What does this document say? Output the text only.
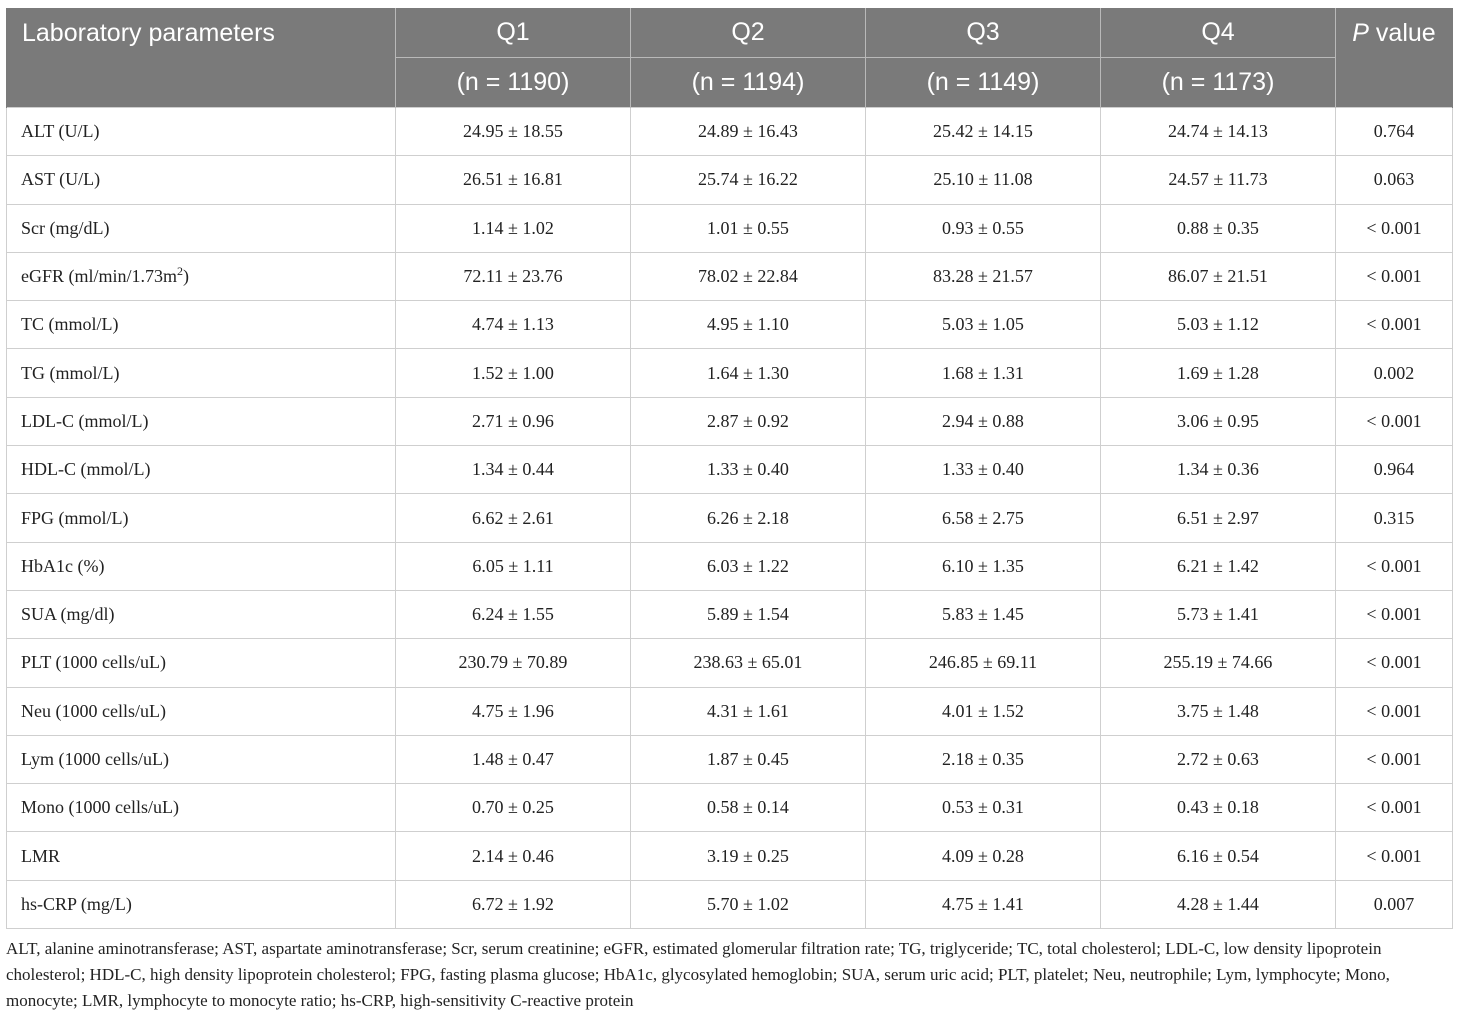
Laboratory parameters	Q1	Q2	Q3	Q4	P value
	(n = 1190)	(n = 1194)	(n = 1149)	(n = 1173)	
ALT (U/L)	24.95 ± 18.55	24.89 ± 16.43	25.42 ± 14.15	24.74 ± 14.13	0.764
AST (U/L)	26.51 ± 16.81	25.74 ± 16.22	25.10 ± 11.08	24.57 ± 11.73	0.063
Scr (mg/dL)	1.14 ± 1.02	1.01 ± 0.55	0.93 ± 0.55	0.88 ± 0.35	< 0.001
eGFR $(ml/\min/1.73m^2)$	72.11 ± 23.76	78.02 ± 22.84	83.28 ± 21.57	86.07 ± 21.51	< 0.001
TC (mmol/L)	4.74 ± 1.13	4.95 ± 1.10	5.03 ± 1.05	5.03 ± 1.12	< 0.001
TG (mmol/L)	1.52 ± 1.00	1.64 ± 1.30	1.68 ± 1.31	1.69 ± 1.28	0.002
LDL-C (mmol/L)	2.71 ± 0.96	2.87 ± 0.92	2.94 ± 0.88	3.06 ± 0.95	< 0.001
HDL-C (mmol/L)	1.34 ± 0.44	1.33 ± 0.40	1.33 ± 0.40	1.34 ± 0.36	0.964
FPG (mmol/L)	6.62 ± 2.61	6.26 ± 2.18	6.58 ± 2.75	6.51 ± 2.97	0.315
HbA1c (%)	6.05 ± 1.11	6.03 ± 1.22	6.10 ± 1.35	6.21 ± 1.42	< 0.001
SUA (mg/dl)	6.24 ± 1.55	5.89 ± 1.54	5.83 ± 1.45	5.73 ± 1.41	< 0.001
PLT (1000 cells/uL)	230.79 ± 70.89	238.63 ± 65.01	246.85 ± 69.11	255.19 ± 74.66	< 0.001
Neu (1000 cells/uL)	4.75 ± 1.96	4.31 ± 1.61	4.01 ± 1.52	3.75 ± 1.48	< 0.001
Lym (1000 cells/uL)	1.48 ± 0.47	1.87 ± 0.45	2.18 ± 0.35	2.72 ± 0.63	< 0.001
Mono (1000 cells/uL)	0.70 ± 0.25	0.58 ± 0.14	0.53 ± 0.31	0.43 ± 0.18	< 0.001
LMR	2.14 ± 0.46	3.19 ± 0.25	4.09 ± 0.28	6.16 ± 0.54	< 0.001
hs-CRP (mg/L)	6.72 ± 1.92	5.70 ± 1.02	4.75 ± 1.41	4.28 ± 1.44	0.007
ALT, alanine aminotransferase; AST, aspartate aminotransferase; Scr, serum creatinine; eGFR, estimated glomerular filtration rate; TG, triglyceride; TC, total cholesterol; LDL-C, low density lipoprotein cholesterol; HDL-C, high density lipoprotein cholesterol; FPG, fasting plasma glucose; HbA1c, glycosylated hemoglobin; SUA, serum uric acid; PLT, platelet; Neu, neutrophile; Lym, lymphocyte; Mono, monocyte; LMR, lymphocyte to monocyte ratio; hs-CRP, high-sensitivity C-reactive protein
